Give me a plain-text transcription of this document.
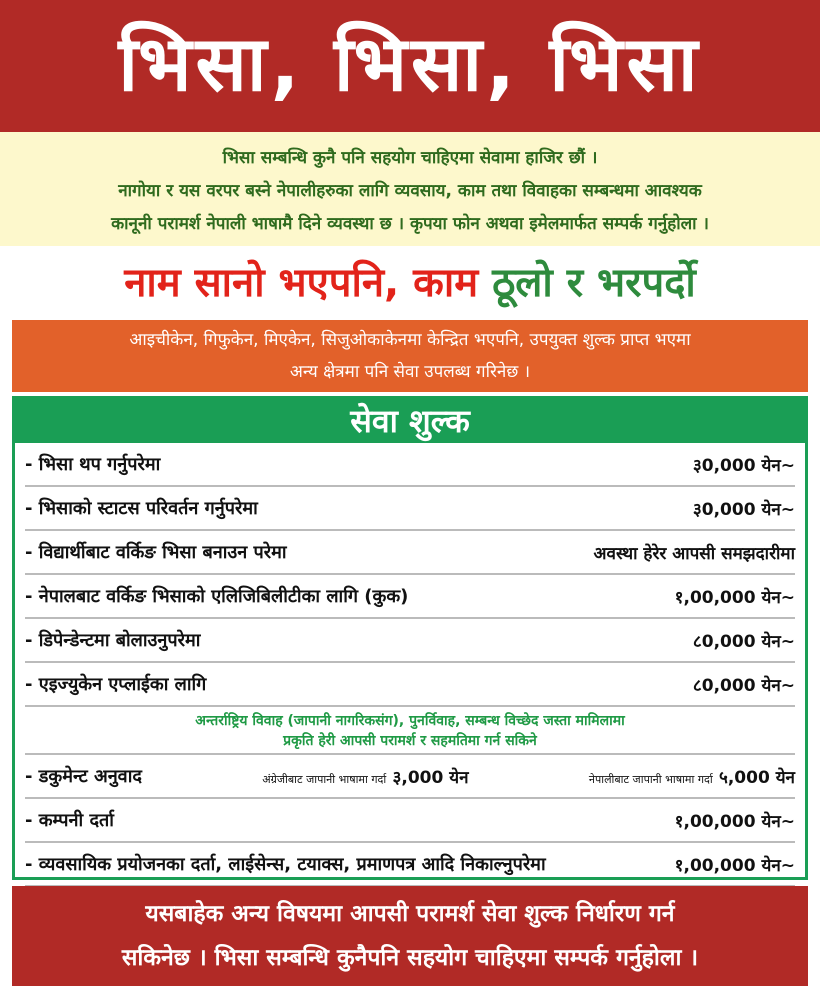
भिसा, भिसा, भिसा
भिसा सम्बन्धि कुनै पनि सहयोग चाहिएमा सेवामा हाजिर छौं ।
नागोया र यस वरपर बस्ने नेपालीहरुका लागि व्यवसाय, काम तथा विवाहका सम्बन्धमा आवश्यक
कानूनी परामर्श नेपाली भाषामै दिने व्यवस्था छ । कृपया फोन अथवा इमेलमार्फत सम्पर्क गर्नुहोला ।
नाम सानो भएपनि, काम ठूलो र भरपर्दो
आइचीकेन, गिफुकेन, मिएकेन, सिजुओकाकेनमा केन्द्रित भएपनि, उपयुक्त शुल्क प्राप्त भएमा
अन्य क्षेत्रमा पनि सेवा उपलब्ध गरिनेछ ।
सेवा शुल्क
- भिसा थप गर्नुपरेमा	३0,000 येन~
- भिसाको स्टाटस परिवर्तन गर्नुपरेमा	३0,000 येन~
- विद्यार्थीबाट वर्किङ भिसा बनाउन परेमा	अवस्था हेरेर आपसी समझदारीमा
- नेपालबाट वर्किङ भिसाको एलिजिबिलीटीका लागि (कुक)	१,00,000 येन~
- डिपेन्डेन्टमा बोलाउनुपरेमा	८0,000 येन~
- एइज्युकेन एप्लाईका लागि	८0,000 येन~
अन्तर्राष्ट्रिय विवाह (जापानी नागरिकसंग), पुनर्विवाह, सम्बन्ध विच्छेद जस्ता मामिलामा
प्रकृति हेरी आपसी परामर्श र सहमतिमा गर्न सकिने
- डकुमेन्ट अनुवाद	अंग्रेजीबाट जापानी भाषामा गर्दा ३,000 येन	नेपालीबाट जापानी भाषामा गर्दा ५,000 येन
- कम्पनी दर्ता	१,00,000 येन~
- व्यवसायिक प्रयोजनका दर्ता, लाईसेन्स, टयाक्स, प्रमाणपत्र आदि निकाल्नुपरेमा	१,00,000 येन~
यसबाहेक अन्य विषयमा आपसी परामर्श सेवा शुल्क निर्धारण गर्न
सकिनेछ । भिसा सम्बन्धि कुनैपनि सहयोग चाहिएमा सम्पर्क गर्नुहोला ।
